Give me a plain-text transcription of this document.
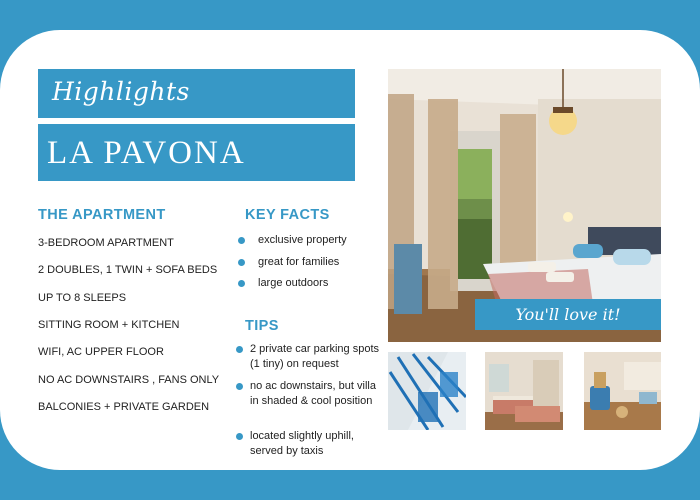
Highlights
LA PAVONA
THE APARTMENT
3-BEDROOM APARTMENT
2 DOUBLES, 1 TWIN + SOFA BEDS
UP TO 8 SLEEPS
SITTING ROOM + KITCHEN
WIFI, AC UPPER FLOOR
NO AC DOWNSTAIRS , FANS ONLY
BALCONIES + PRIVATE GARDEN
KEY FACTS
exclusive property
great for families
large outdoors
TIPS
2 private car parking spots (1 tiny) on request
no ac downstairs, but villa in shaded & cool position
located slightly uphill, served by taxis
You'll love it!
